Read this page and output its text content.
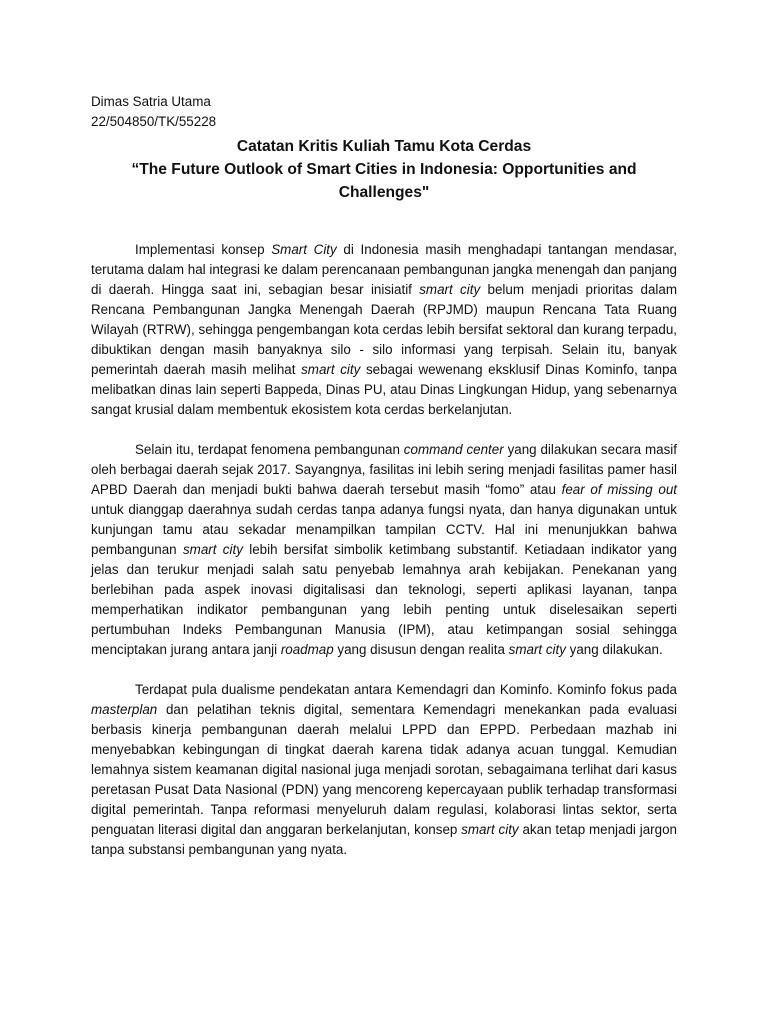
Dimas Satria Utama
22/504850/TK/55228

Catatan Kritis Kuliah Tamu Kota Cerdas

“The Future Outlook of Smart Cities in Indonesia: Opportunities and Challenges"

Implementasi konsep Smart City di Indonesia masih menghadapi tantangan mendasar, terutama dalam hal integrasi ke dalam perencanaan pembangunan jangka menengah dan panjang di daerah. Hingga saat ini, sebagian besar inisiatif smart city belum menjadi prioritas dalam Rencana Pembangunan Jangka Menengah Daerah (RPJMD) maupun Rencana Tata Ruang Wilayah (RTRW), sehingga pengembangan kota cerdas lebih bersifat sektoral dan kurang terpadu, dibuktikan dengan masih banyaknya silo - silo informasi yang terpisah. Selain itu, banyak pemerintah daerah masih melihat smart city sebagai wewenang eksklusif Dinas Kominfo, tanpa melibatkan dinas lain seperti Bappeda, Dinas PU, atau Dinas Lingkungan Hidup, yang sebenarnya sangat krusial dalam membentuk ekosistem kota cerdas berkelanjutan.

Selain itu, terdapat fenomena pembangunan command center yang dilakukan secara masif oleh berbagai daerah sejak 2017. Sayangnya, fasilitas ini lebih sering menjadi fasilitas pamer hasil APBD Daerah dan menjadi bukti bahwa daerah tersebut masih “fomo” atau fear of missing out untuk dianggap daerahnya sudah cerdas tanpa adanya fungsi nyata, dan hanya digunakan untuk kunjungan tamu atau sekadar menampilkan tampilan CCTV. Hal ini menunjukkan bahwa pembangunan smart city lebih bersifat simbolik ketimbang substantif. Ketiadaan indikator yang jelas dan terukur menjadi salah satu penyebab lemahnya arah kebijakan. Penekanan yang berlebihan pada aspek inovasi digitalisasi dan teknologi, seperti aplikasi layanan, tanpa memperhatikan indikator pembangunan yang lebih penting untuk diselesaikan seperti pertumbuhan Indeks Pembangunan Manusia (IPM), atau ketimpangan sosial sehingga menciptakan jurang antara janji roadmap yang disusun dengan realita smart city yang dilakukan.

Terdapat pula dualisme pendekatan antara Kemendagri dan Kominfo. Kominfo fokus pada masterplan dan pelatihan teknis digital, sementara Kemendagri menekankan pada evaluasi berbasis kinerja pembangunan daerah melalui LPPD dan EPPD. Perbedaan mazhab ini menyebabkan kebingungan di tingkat daerah karena tidak adanya acuan tunggal. Kemudian lemahnya sistem keamanan digital nasional juga menjadi sorotan, sebagaimana terlihat dari kasus peretasan Pusat Data Nasional (PDN) yang mencoreng kepercayaan publik terhadap transformasi digital pemerintah. Tanpa reformasi menyeluruh dalam regulasi, kolaborasi lintas sektor, serta penguatan literasi digital dan anggaran berkelanjutan, konsep smart city akan tetap menjadi jargon tanpa substansi pembangunan yang nyata.
